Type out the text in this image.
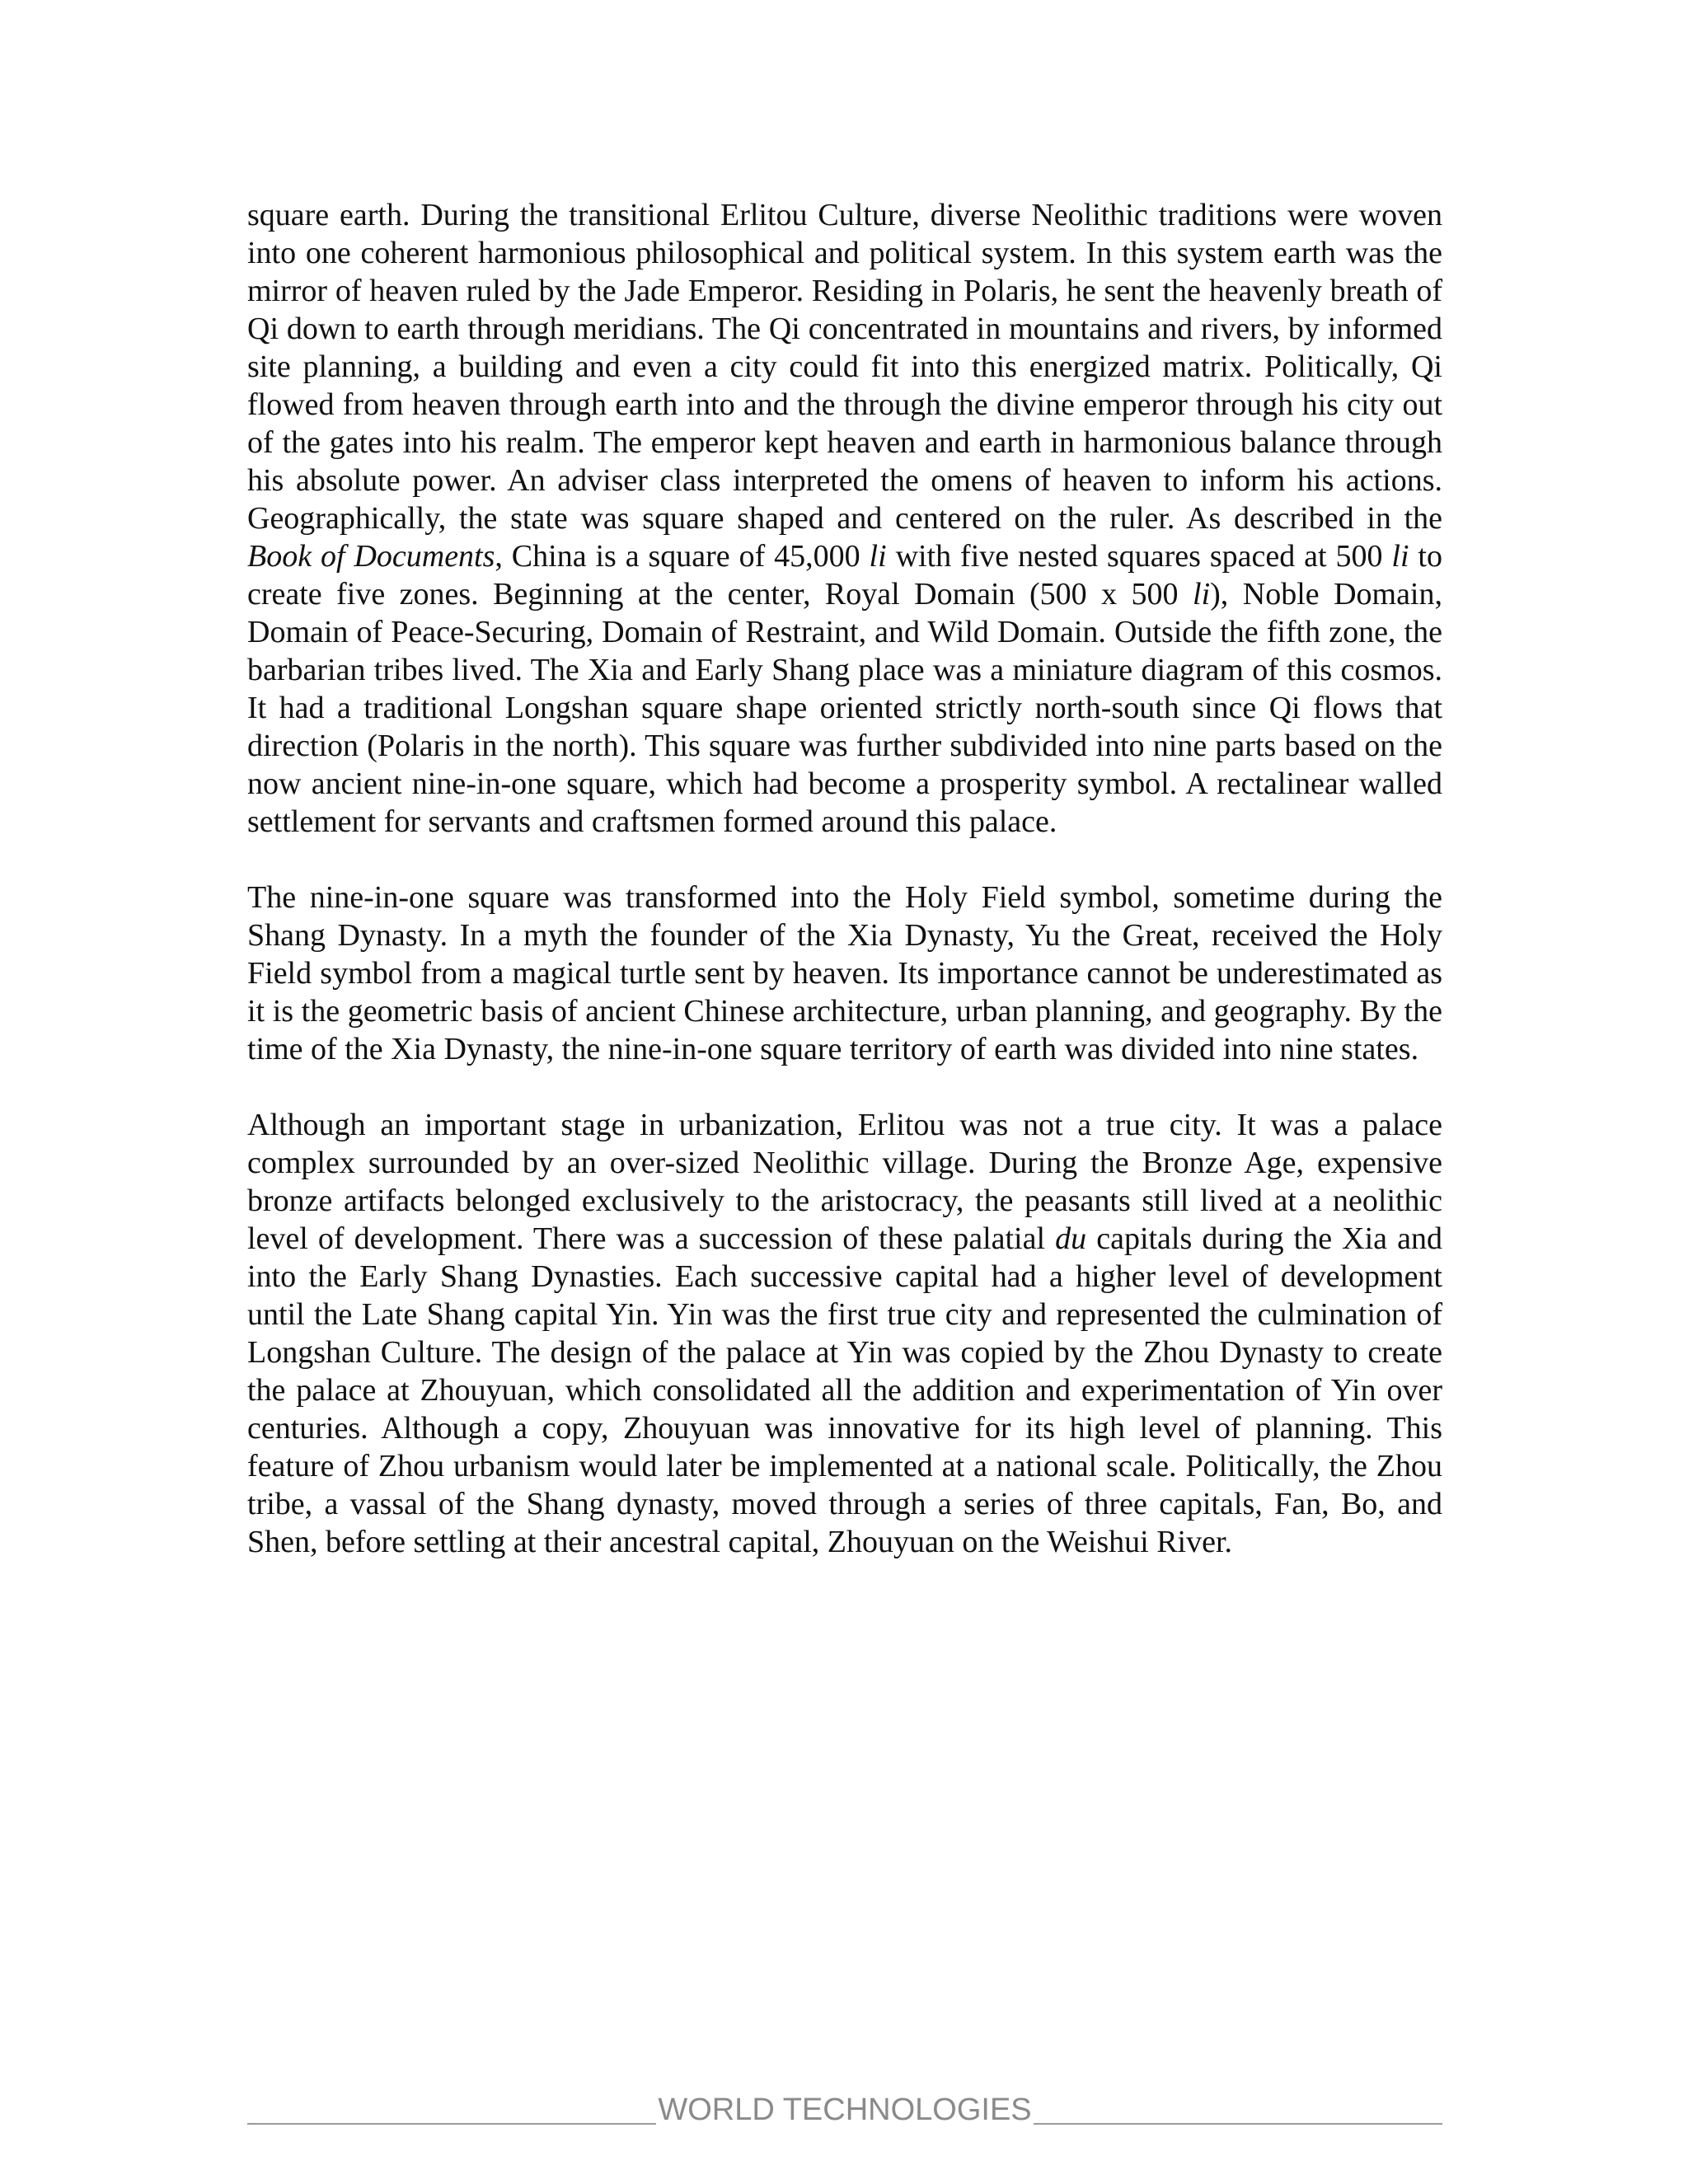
square earth. During the transitional Erlitou Culture, diverse Neolithic traditions were woven into one coherent harmonious philosophical and political system. In this system earth was the mirror of heaven ruled by the Jade Emperor. Residing in Polaris, he sent the heavenly breath of Qi down to earth through meridians. The Qi concentrated in mountains and rivers, by informed site planning, a building and even a city could fit into this energized matrix. Politically, Qi flowed from heaven through earth into and the through the divine emperor through his city out of the gates into his realm. The emperor kept heaven and earth in harmonious balance through his absolute power. An adviser class interpreted the omens of heaven to inform his actions. Geographically, the state was square shaped and centered on the ruler. As described in the Book of Documents, China is a square of 45,000 li with five nested squares spaced at 500 li to create five zones. Beginning at the center, Royal Domain (500 x 500 li), Noble Domain, Domain of Peace-Securing, Domain of Restraint, and Wild Domain. Outside the fifth zone, the barbarian tribes lived. The Xia and Early Shang place was a miniature diagram of this cosmos. It had a traditional Longshan square shape oriented strictly north-south since Qi flows that direction (Polaris in the north). This square was further subdivided into nine parts based on the now ancient nine-in-one square, which had become a prosperity symbol. A rectalinear walled settlement for servants and craftsmen formed around this palace.

The nine-in-one square was transformed into the Holy Field symbol, sometime during the Shang Dynasty. In a myth the founder of the Xia Dynasty, Yu the Great, received the Holy Field symbol from a magical turtle sent by heaven. Its importance cannot be underestimated as it is the geometric basis of ancient Chinese architecture, urban planning, and geography. By the time of the Xia Dynasty, the nine-in-one square territory of earth was divided into nine states.

Although an important stage in urbanization, Erlitou was not a true city. It was a palace complex surrounded by an over-sized Neolithic village. During the Bronze Age, expensive bronze artifacts belonged exclusively to the aristocracy, the peasants still lived at a neolithic level of development. There was a succession of these palatial du capitals during the Xia and into the Early Shang Dynasties. Each successive capital had a higher level of development until the Late Shang capital Yin. Yin was the first true city and represented the culmination of Longshan Culture. The design of the palace at Yin was copied by the Zhou Dynasty to create the palace at Zhouyuan, which consolidated all the addition and experimentation of Yin over centuries. Although a copy, Zhouyuan was innovative for its high level of planning. This feature of Zhou urbanism would later be implemented at a national scale. Politically, the Zhou tribe, a vassal of the Shang dynasty, moved through a series of three capitals, Fan, Bo, and Shen, before settling at their ancestral capital, Zhouyuan on the Weishui River.

WORLD TECHNOLOGIES
